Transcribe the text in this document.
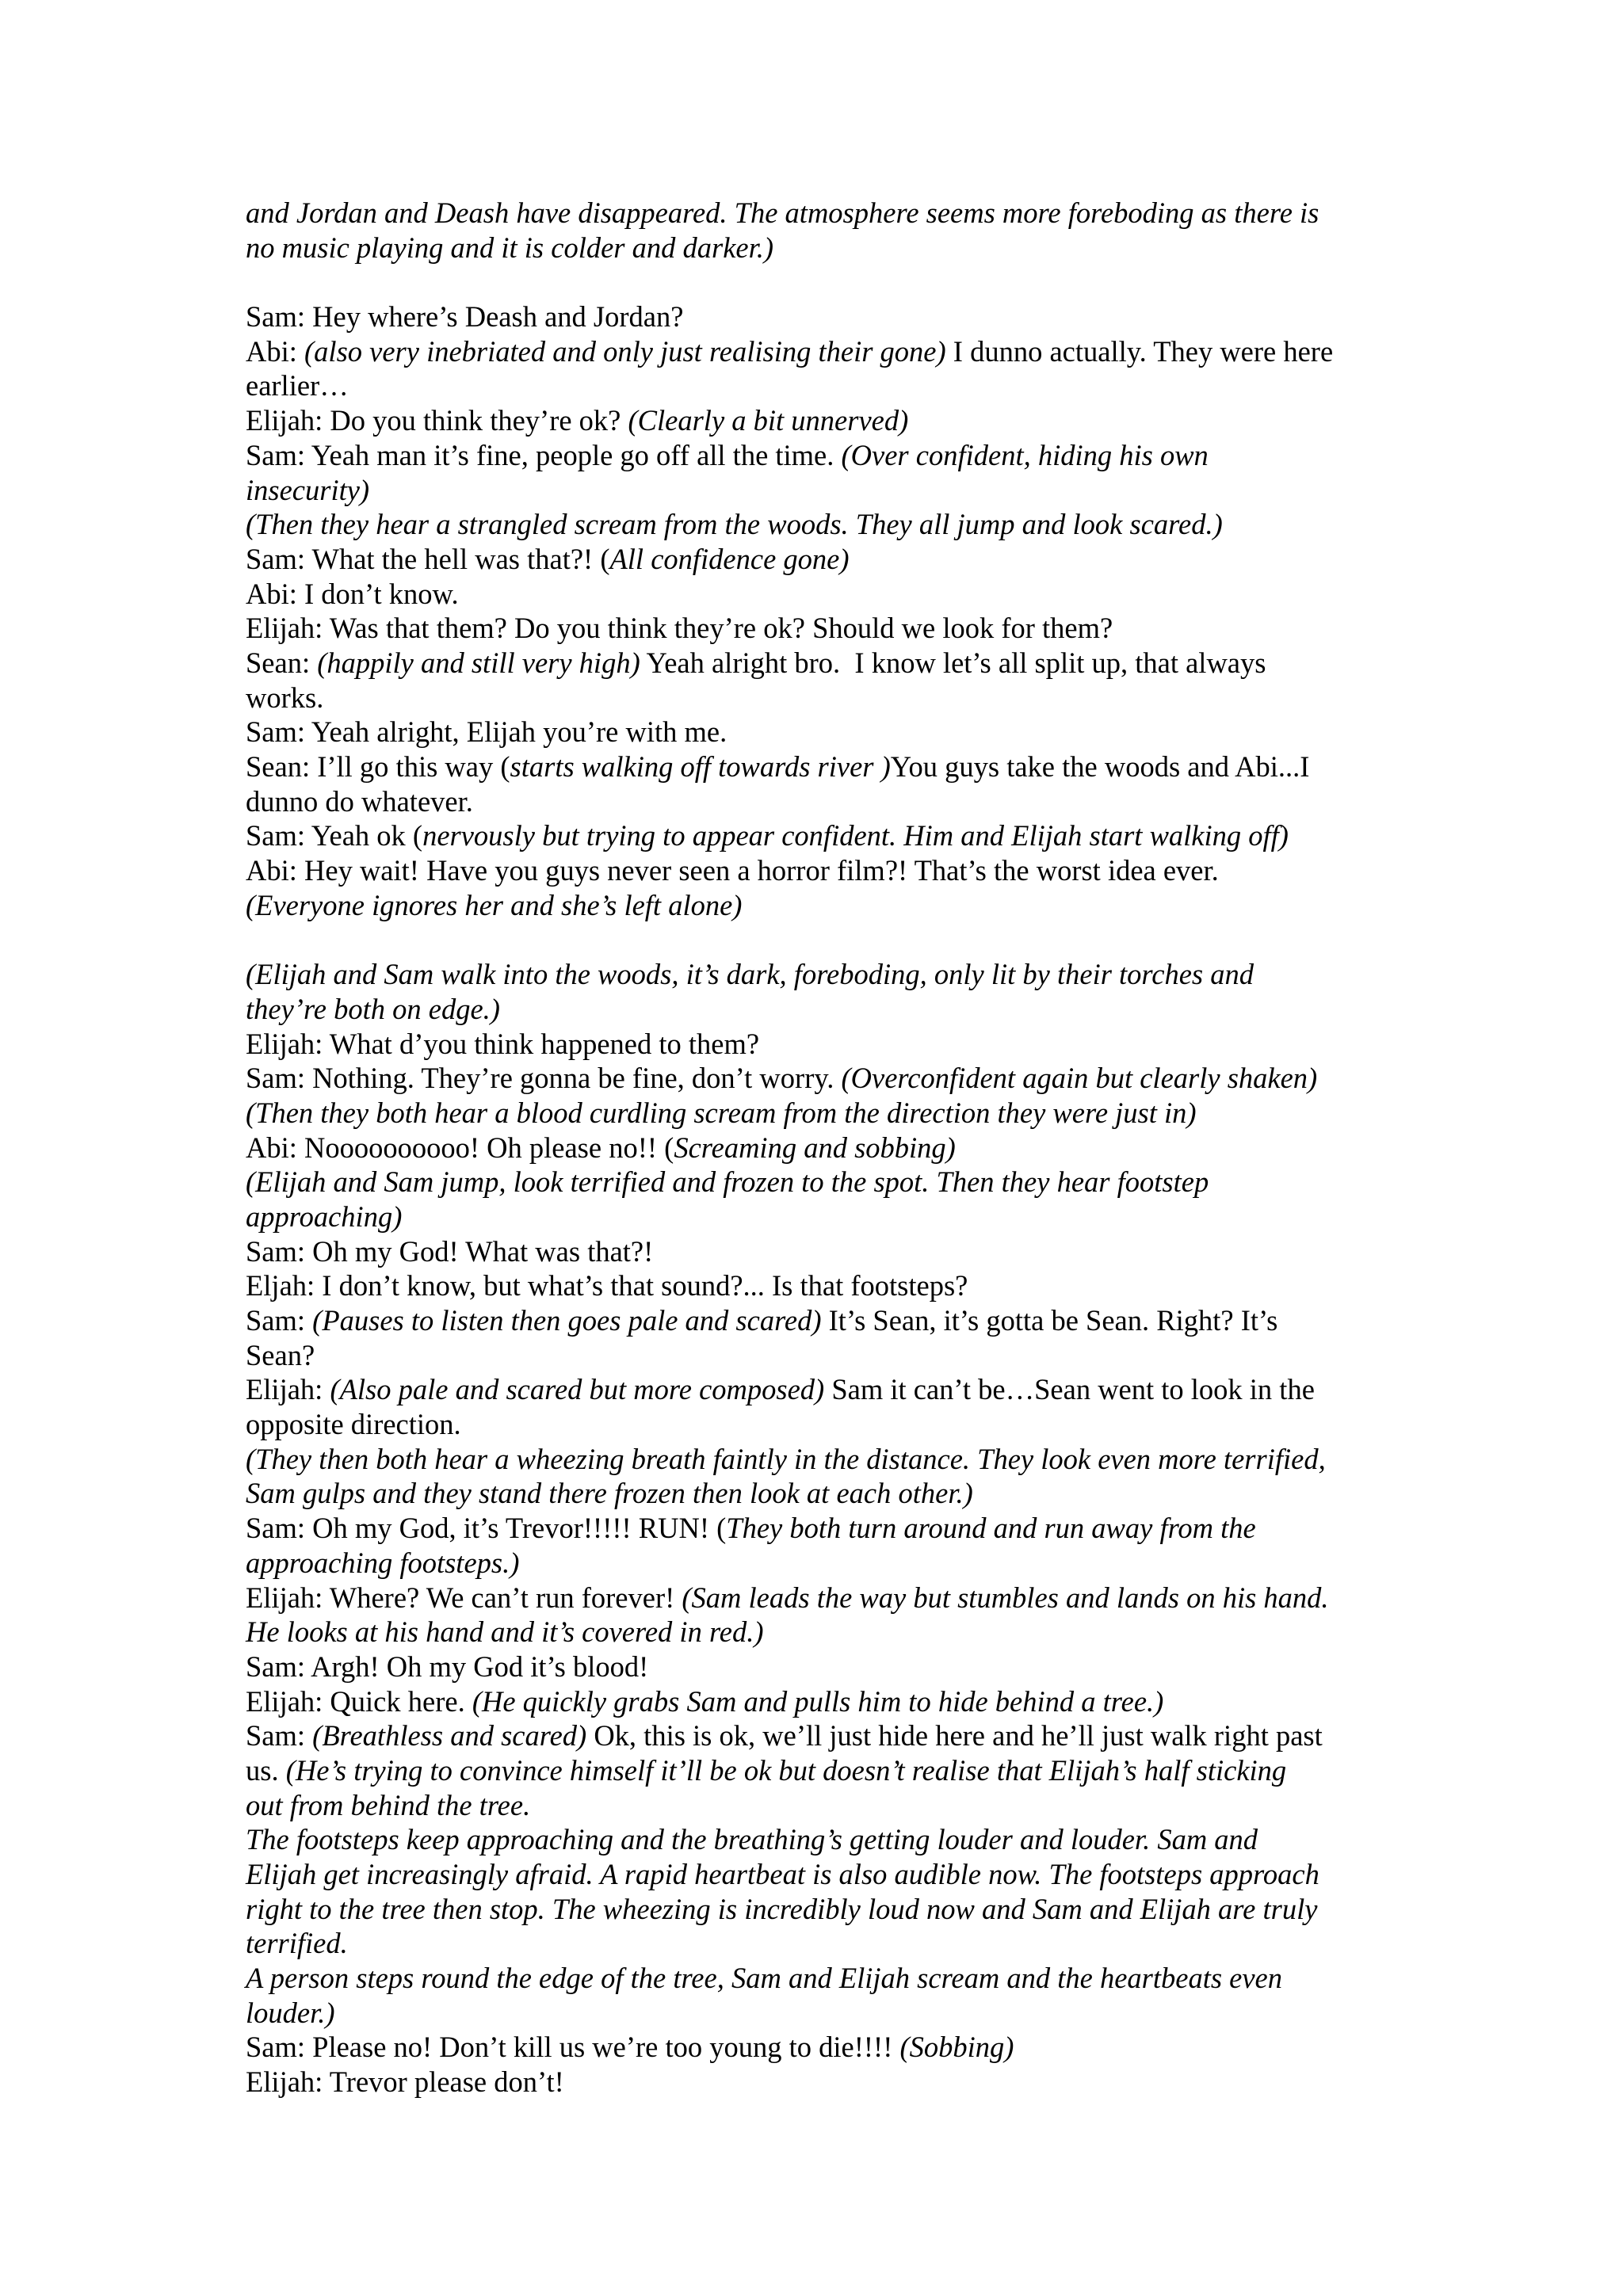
and Jordan and Deash have disappeared. The atmosphere seems more foreboding as there is
no music playing and it is colder and darker.)
Sam: Hey where’s Deash and Jordan?
Abi: (also very inebriated and only just realising their gone) I dunno actually. They were here
earlier…
Elijah: Do you think they’re ok? (Clearly a bit unnerved)
Sam: Yeah man it’s fine, people go off all the time. (Over confident, hiding his own
insecurity)
(Then they hear a strangled scream from the woods. They all jump and look scared.)
Sam: What the hell was that?! (All confidence gone)
Abi: I don’t know.
Elijah: Was that them? Do you think they’re ok? Should we look for them?
Sean: (happily and still very high) Yeah alright bro.  I know let’s all split up, that always
works.
Sam: Yeah alright, Elijah you’re with me.
Sean: I’ll go this way (starts walking off towards river )You guys take the woods and Abi...I
dunno do whatever.
Sam: Yeah ok (nervously but trying to appear confident. Him and Elijah start walking off)
Abi: Hey wait! Have you guys never seen a horror film?! That’s the worst idea ever.
(Everyone ignores her and she’s left alone)
(Elijah and Sam walk into the woods, it’s dark, foreboding, only lit by their torches and
they’re both on edge.)
Elijah: What d’you think happened to them?
Sam: Nothing. They’re gonna be fine, don’t worry. (Overconfident again but clearly shaken)
(Then they both hear a blood curdling scream from the direction they were just in)
Abi: Noooooooooo! Oh please no!! (Screaming and sobbing)
(Elijah and Sam jump, look terrified and frozen to the spot. Then they hear footstep
approaching)
Sam: Oh my God! What was that?!
Eljah: I don’t know, but what’s that sound?... Is that footsteps?
Sam: (Pauses to listen then goes pale and scared) It’s Sean, it’s gotta be Sean. Right? It’s
Sean?
Elijah: (Also pale and scared but more composed) Sam it can’t be…Sean went to look in the
opposite direction.
(They then both hear a wheezing breath faintly in the distance. They look even more terrified,
Sam gulps and they stand there frozen then look at each other.)
Sam: Oh my God, it’s Trevor!!!!! RUN! (They both turn around and run away from the
approaching footsteps.)
Elijah: Where? We can’t run forever! (Sam leads the way but stumbles and lands on his hand.
He looks at his hand and it’s covered in red.)
Sam: Argh! Oh my God it’s blood!
Elijah: Quick here. (He quickly grabs Sam and pulls him to hide behind a tree.)
Sam: (Breathless and scared) Ok, this is ok, we’ll just hide here and he’ll just walk right past
us. (He’s trying to convince himself it’ll be ok but doesn’t realise that Elijah’s half sticking
out from behind the tree.
The footsteps keep approaching and the breathing’s getting louder and louder. Sam and
Elijah get increasingly afraid. A rapid heartbeat is also audible now. The footsteps approach
right to the tree then stop. The wheezing is incredibly loud now and Sam and Elijah are truly
terrified.
A person steps round the edge of the tree, Sam and Elijah scream and the heartbeats even
louder.)
Sam: Please no! Don’t kill us we’re too young to die!!!! (Sobbing)
Elijah: Trevor please don’t!
